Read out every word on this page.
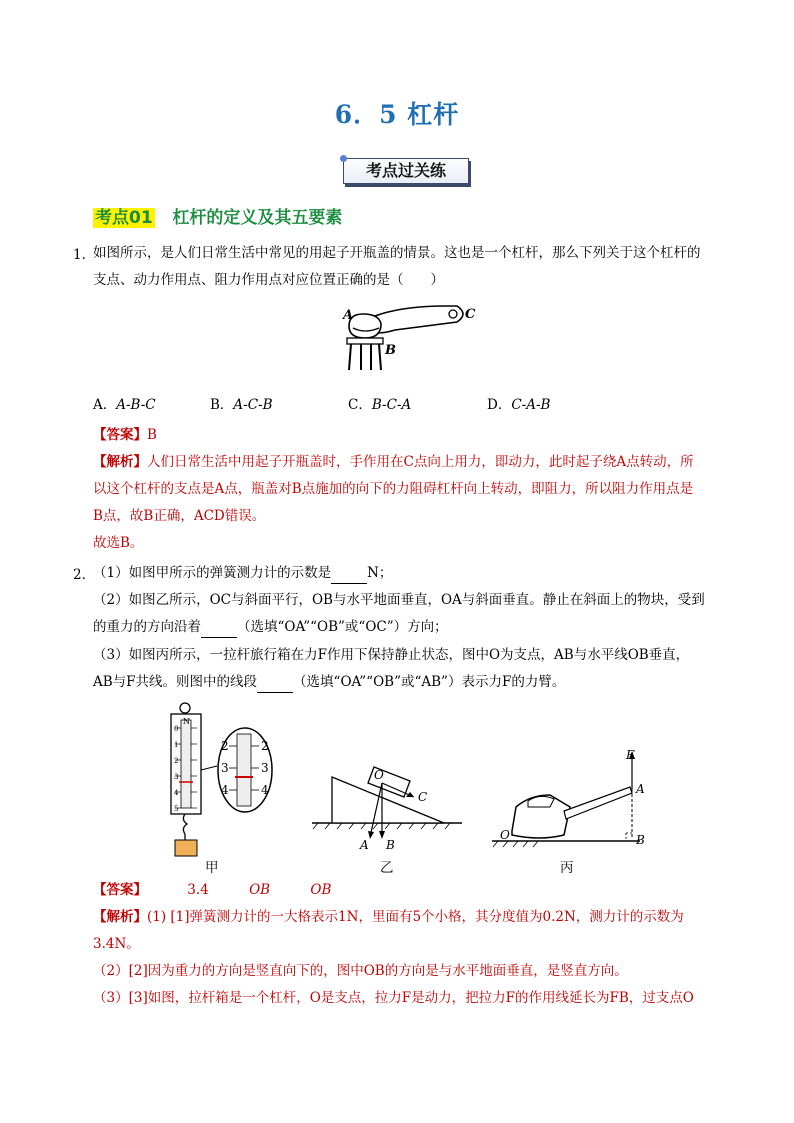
6．5 杠杆
考点过关练
考点01 杠杆的定义及其五要素
1．
如图所示，是人们日常生活中常见的用起子开瓶盖的情景。这也是一个杠杆，那么下列关于这个杠杆的
支点、动力作用点、阻力作用点对应位置正确的是（　　）
A	C
B
A．A-B-C	B．A-C-B	C．B-C-A	D．C-A-B
【答案】B
【解析】人们日常生活中用起子开瓶盖时，手作用在C点向上用力，即动力，此时起子绕A点转动，所
以这个杠杆的支点是A点，瓶盖对B点施加的向下的力阻碍杠杆向上转动，即阻力，所以阻力作用点是
B点，故B正确，ACD错误。
故选B。
2．
（1）如图甲所示的弹簧测力计的示数是	N；
（2）如图乙所示，OC与斜面平行，OB与水平地面垂直，OA与斜面垂直。静止在斜面上的物块，受到
的重力的方向沿着	（选填“OA”“OB”或“OC”）方向；
（3）如图丙所示，一拉杆旅行箱在力F作用下保持静止状态，图中O为支点，AB与水平线OB垂直，
AB与F共线。则图中的线段	（选填“OA”“OB”或“AB”）表示力F的力臂。
N
0
1
2
3
4
5
2
3
4
2
3
4
O
C
A B
F
A
B
O
甲	乙	丙
【答案】	3.4	OB	OB
【解析】(1) [1]弹簧测力计的一大格表示1N，里面有5个小格，其分度值为0.2N，测力计的示数为
3.4N。
（2）[2]因为重力的方向是竖直向下的，图中OB的方向是与水平地面垂直，是竖直方向。
（3）[3]如图，拉杆箱是一个杠杆，O是支点，拉力F是动力，把拉力F的作用线延长为FB，过支点O
